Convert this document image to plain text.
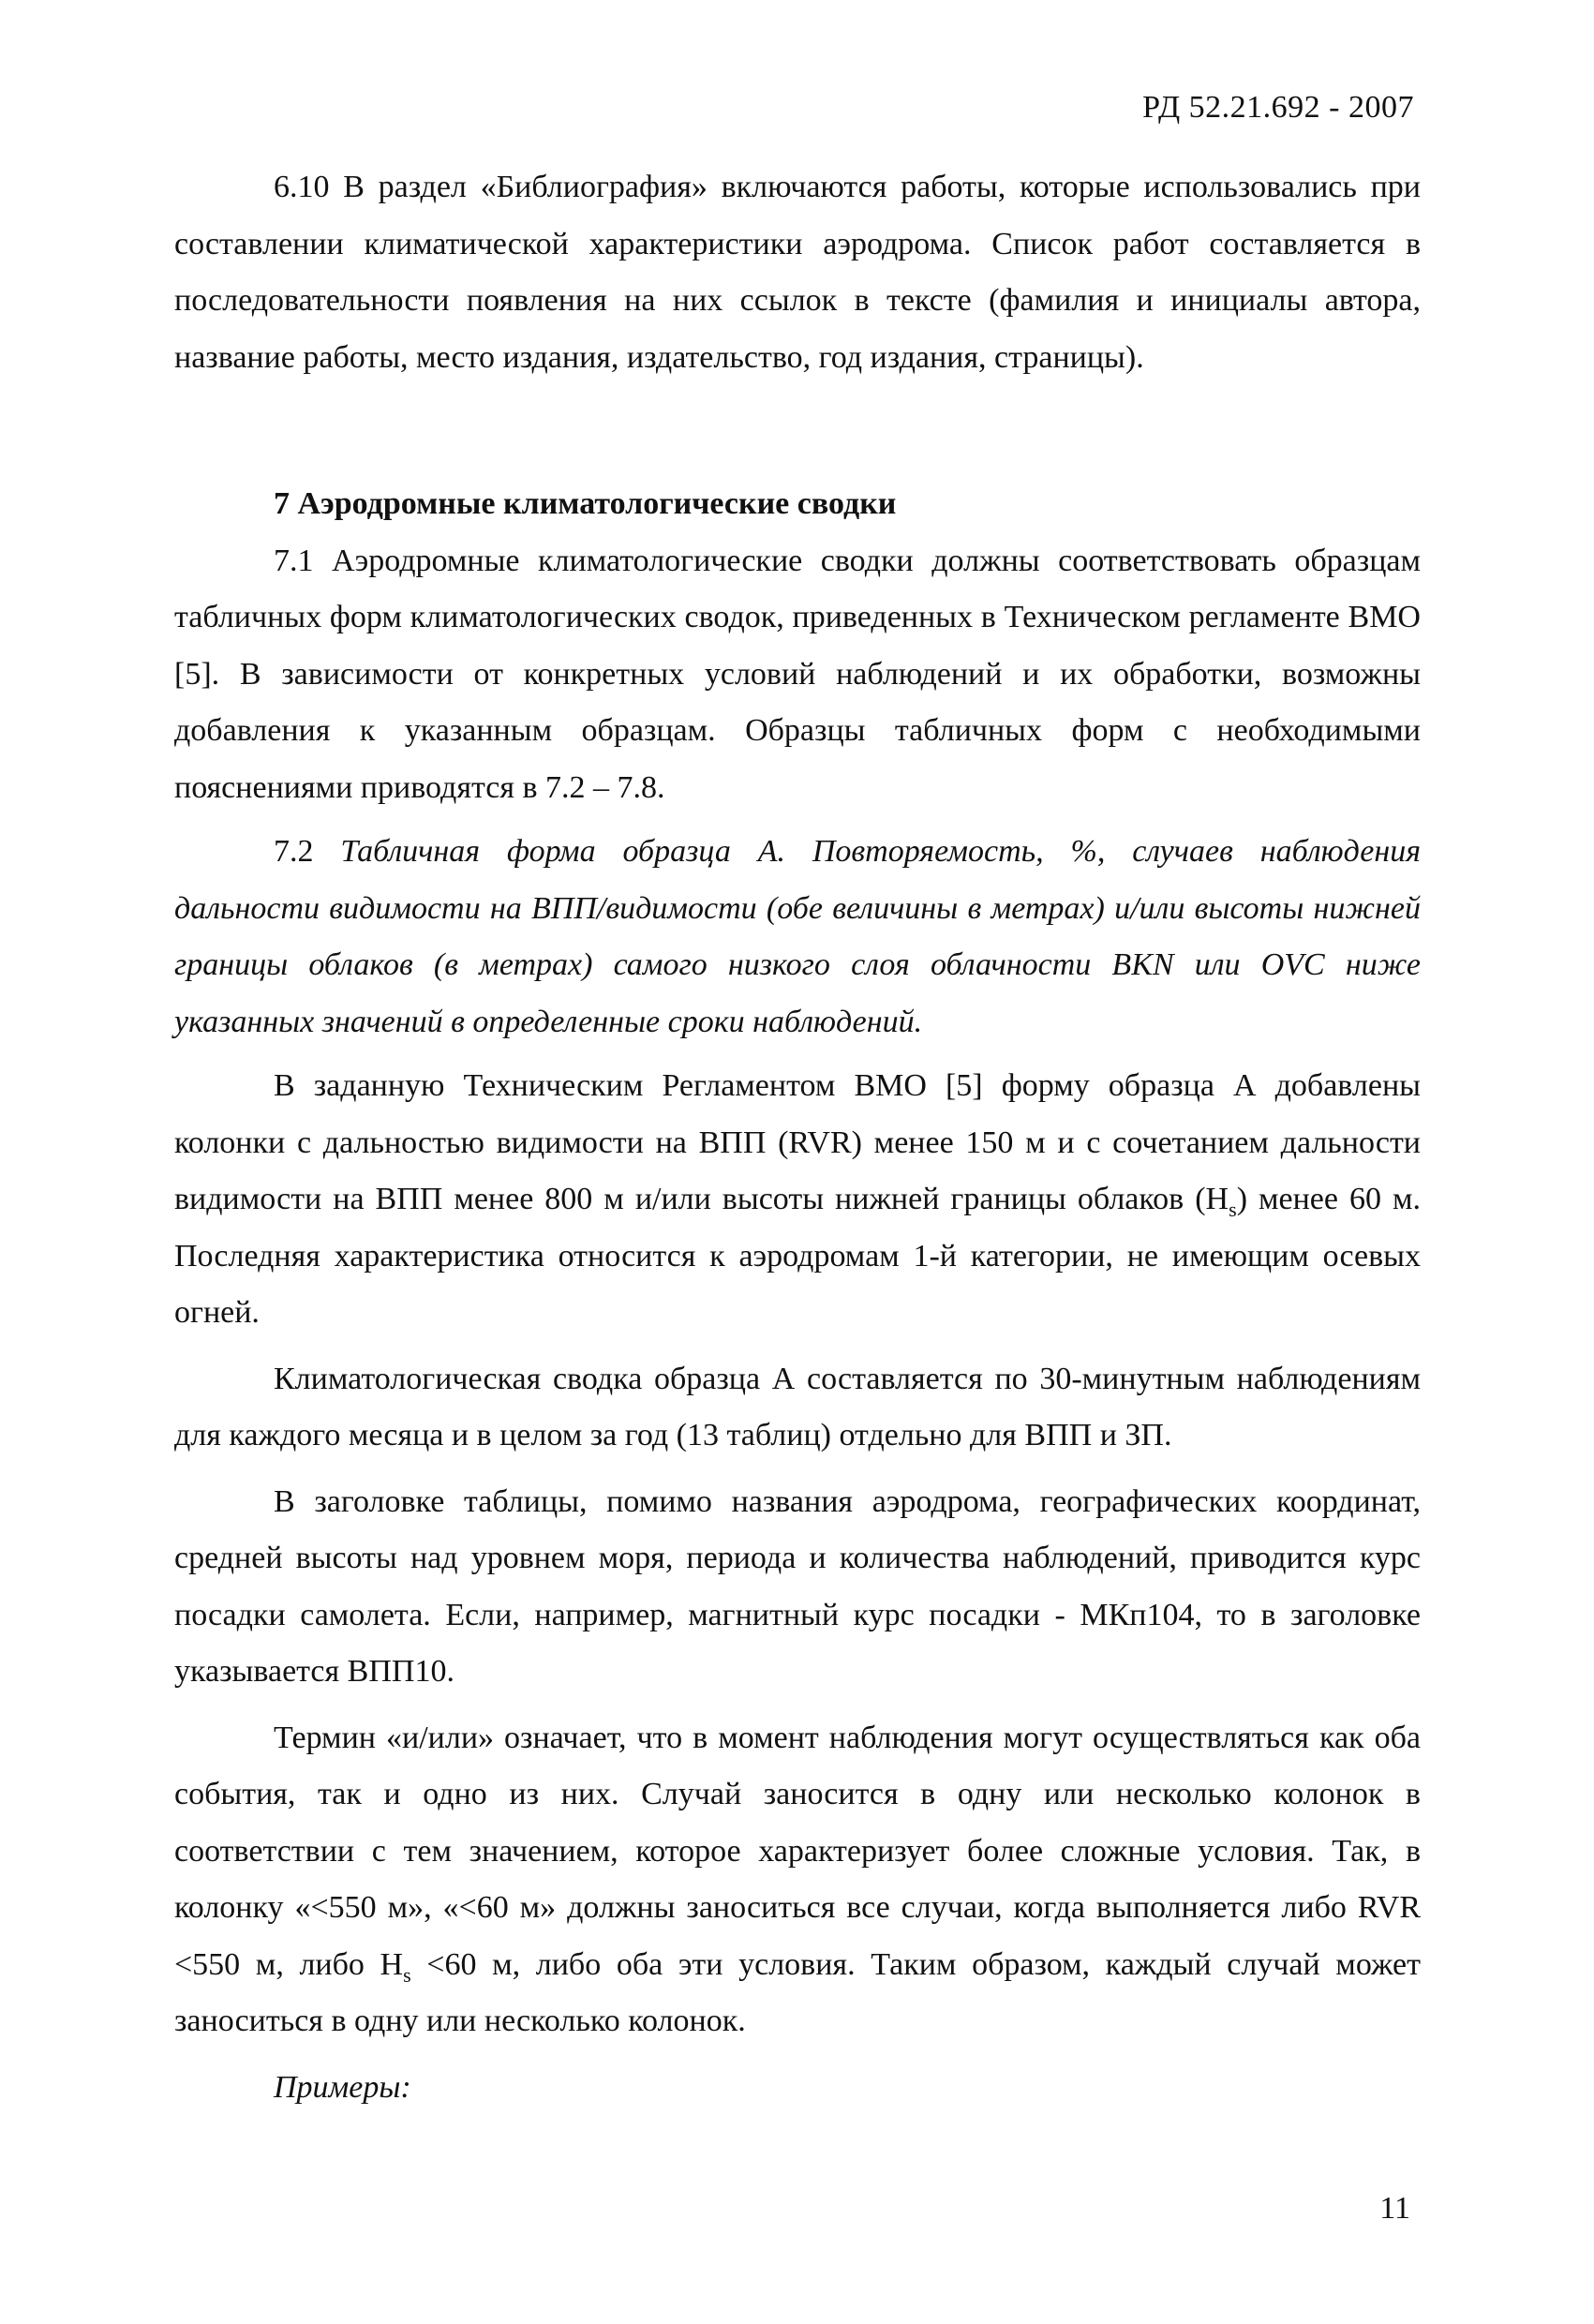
РД 52.21.692 - 2007

6.10 В раздел «Библиография» включаются работы, которые использовались при составлении климатической характеристики аэродрома. Список работ составляется в последовательности появления на них ссылок в тексте (фамилия и инициалы автора, название работы, место издания, издательство, год издания, страницы).

7 Аэродромные климатологические сводки

7.1 Аэродромные климатологические сводки должны соответствовать образцам табличных форм климатологических сводок, приведенных в Техническом регламенте ВМО [5]. В зависимости от конкретных условий наблюдений и их обработки, возможны добавления к указанным образцам. Образцы табличных форм с необходимыми пояснениями приводятся в 7.2 – 7.8.

7.2 Табличная форма образца А. Повторяемость, %, случаев наблюдения дальности видимости на ВПП/видимости (обе величины в метрах) и/или высоты нижней границы облаков (в метрах) самого низкого слоя облачности BKN или OVC ниже указанных значений в определенные сроки наблюдений.

В заданную Техническим Регламентом ВМО [5] форму образца А добавлены колонки с дальностью видимости на ВПП (RVR) менее 150 м и с сочетанием дальности видимости на ВПП менее 800 м и/или высоты нижней границы облаков $(Н_s)$ менее 60 м. Последняя характеристика относится к аэродромам 1-й категории, не имеющим осевых огней.

Климатологическая сводка образца А составляется по 30-минутным наблюдениям для каждого месяца и в целом за год (13 таблиц) отдельно для ВПП и ЗП.

В заголовке таблицы, помимо названия аэродрома, географических координат, средней высоты над уровнем моря, периода и количества наблюдений, приводится курс посадки самолета. Если, например, магнитный курс посадки - МКп104, то в заголовке указывается ВПП10.

Термин «и/или» означает, что в момент наблюдения могут осуществляться как оба события, так и одно из них. Случай заносится в одну или несколько колонок в соответствии с тем значением, которое характеризует более сложные условия. Так, в колонку «<550 м», «<60 м» должны заноситься все случаи, когда выполняется либо RVR <550 м, либо $Н_s <60$ м, либо оба эти условия. Таким образом, каждый случай может заноситься в одну или несколько колонок.

Примеры:

11
